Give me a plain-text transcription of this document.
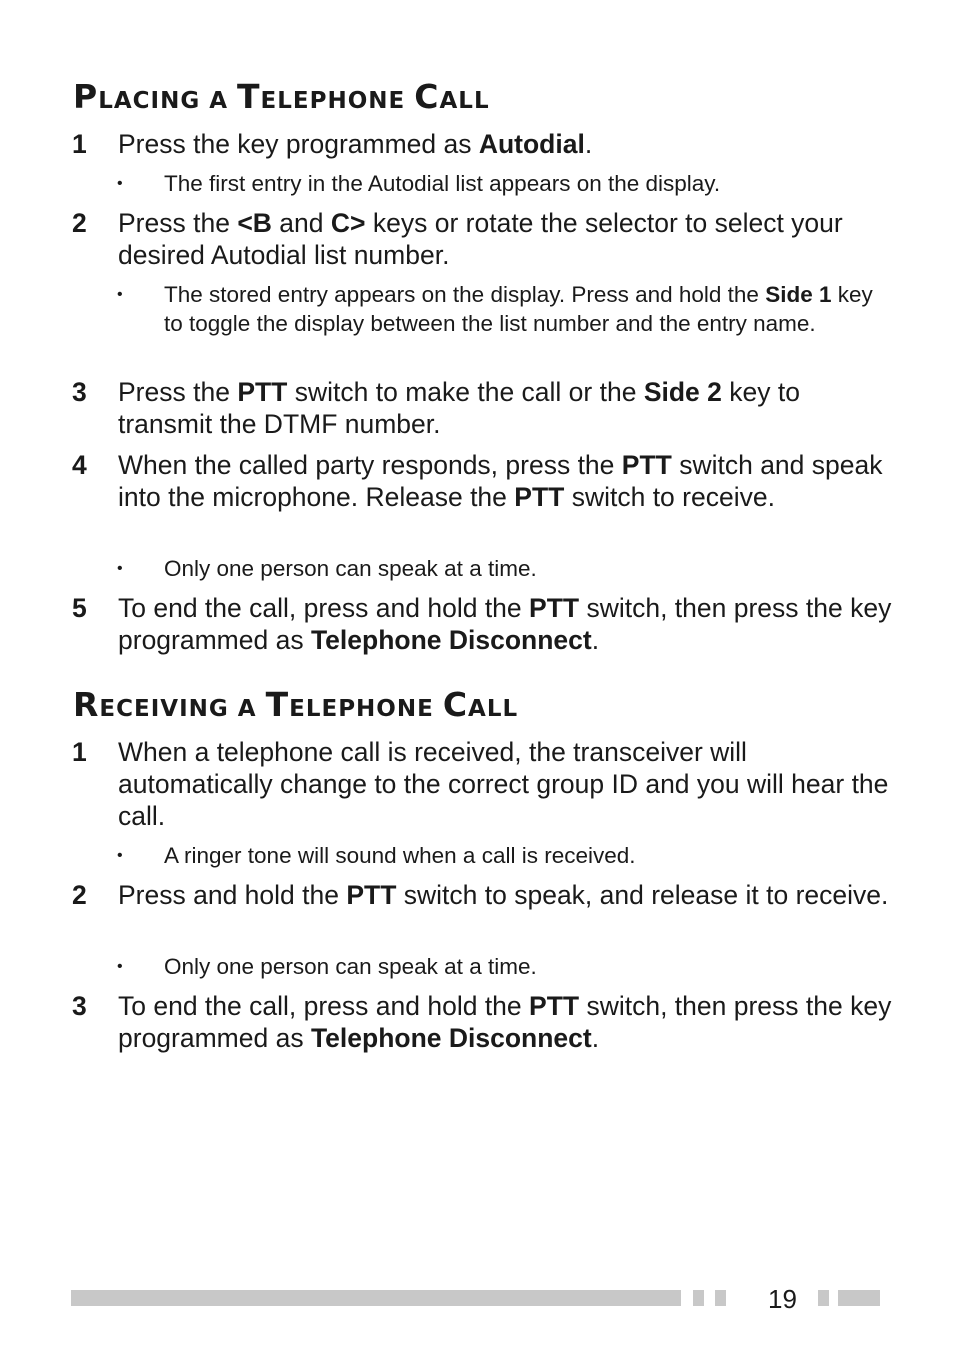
PLACING A TELEPHONE CALL
1	Press the key programmed as Autodial.
• The first entry in the Autodial list appears on the display.
2	Press the <B and C> keys or rotate the selector to select your desired Autodial list number.
• The stored entry appears on the display. Press and hold the Side 1 key to toggle the display between the list number and the entry name.
3	Press the PTT switch to make the call or the Side 2 key to transmit the DTMF number.
4	When the called party responds, press the PTT switch and speak into the microphone. Release the PTT switch to receive.
• Only one person can speak at a time.
5	To end the call, press and hold the PTT switch, then press the key programmed as Telephone Disconnect.
RECEIVING A TELEPHONE CALL
1	When a telephone call is received, the transceiver will automatically change to the correct group ID and you will hear the call.
• A ringer tone will sound when a call is received.
2	Press and hold the PTT switch to speak, and release it to receive.
• Only one person can speak at a time.
3	To end the call, press and hold the PTT switch, then press the key programmed as Telephone Disconnect.
19
